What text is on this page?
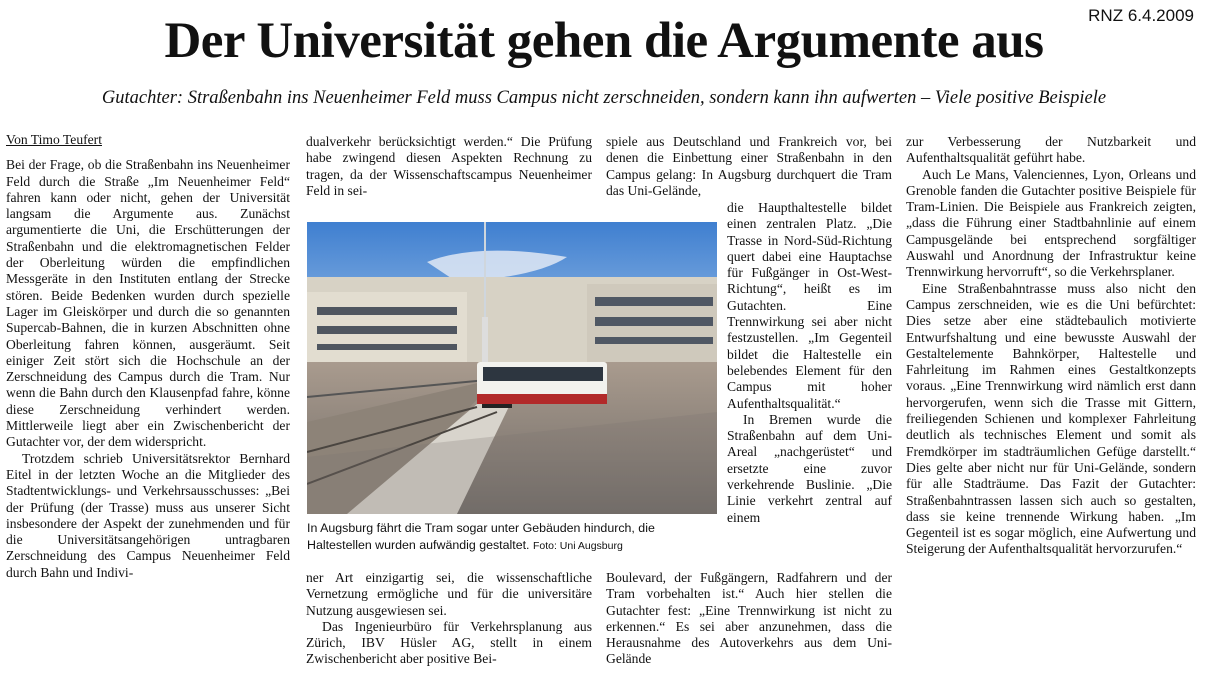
RNZ 6.4.2009
Der Universität gehen die Argumente aus
Gutachter: Straßenbahn ins Neuenheimer Feld muss Campus nicht zerschneiden, sondern kann ihn aufwerten – Viele positive Beispiele

Von Timo Teufert

Bei der Frage, ob die Straßenbahn ins Neuenheimer Feld durch die Straße „Im Neuenheimer Feld“ fahren kann oder nicht, gehen der Universität langsam die Argumente aus. Zunächst argumentierte die Uni, die Erschütterungen der Straßenbahn und die elektromagnetischen Felder der Oberleitung würden die empfindlichen Messgeräte in den Instituten entlang der Strecke stören. Beide Bedenken wurden durch spezielle Lager im Gleiskörper und durch die so genannten Supercab-Bahnen, die in kurzen Abschnitten ohne Oberleitung fahren können, ausgeräumt. Seit einiger Zeit stört sich die Hochschule an der Zerschneidung des Campus durch die Tram. Nur wenn die Bahn durch den Klausenpfad fahre, könne diese Zerschneidung verhindert werden. Mittlerweile liegt aber ein Zwischenbericht der Gutachter vor, der dem widerspricht.

Trotzdem schrieb Universitätsrektor Bernhard Eitel in der letzten Woche an die Mitglieder des Stadtentwicklungs- und Verkehrsausschusses: „Bei der Prüfung (der Trasse) muss aus unserer Sicht insbesondere der Aspekt der zunehmenden und für die Universitätsangehörigen untragbaren Zerschneidung des Campus Neuenheimer Feld durch Bahn und Indivi-

dualverkehr berücksichtigt werden.“ Die Prüfung habe zwingend diesen Aspekten Rechnung zu tragen, da der Wissenschaftscampus Neuenheimer Feld in sei-

In Augsburg fährt die Tram sogar unter Gebäuden hindurch, die Haltestellen wurden aufwändig gestaltet. Foto: Uni Augsburg

ner Art einzigartig sei, die wissenschaftliche Vernetzung ermögliche und für die universitäre Nutzung ausgewiesen sei.

Das Ingenieurbüro für Verkehrsplanung aus Zürich, IBV Hüsler AG, stellt in einem Zwischenbericht aber positive Bei-

spiele aus Deutschland und Frankreich vor, bei denen die Einbettung einer Straßenbahn in den Campus gelang: In Augsburg durchquert die Tram das Uni-Gelände,

die Haupthaltestelle bildet einen zentralen Platz. „Die Trasse in Nord-Süd-Richtung quert dabei eine Hauptachse für Fußgänger in Ost-West-Richtung“, heißt es im Gutachten. Eine Trennwirkung sei aber nicht festzustellen. „Im Gegenteil bildet die Haltestelle ein belebendes Element für den Campus mit hoher Aufenthaltsqualität.“

In Bremen wurde die Straßenbahn auf dem Uni-Areal „nachgerüstet“ und ersetzte eine zuvor verkehrende Buslinie. „Die Linie verkehrt zentral auf einem

Boulevard, der Fußgängern, Radfahrern und der Tram vorbehalten ist.“ Auch hier stellen die Gutachter fest: „Eine Trennwirkung ist nicht zu erkennen.“ Es sei aber anzunehmen, dass die Herausnahme des Autoverkehrs aus dem Uni-Gelände

zur Verbesserung der Nutzbarkeit und Aufenthaltsqualität geführt habe.

Auch Le Mans, Valenciennes, Lyon, Orleans und Grenoble fanden die Gutachter positive Beispiele für Tram-Linien. Die Beispiele aus Frankreich zeigten, „dass die Führung einer Stadtbahnlinie auf einem Campusgelände bei entsprechend sorgfältiger Auswahl und Anordnung der Infrastruktur keine Trennwirkung hervorruft“, so die Verkehrsplaner.

Eine Straßenbahntrasse muss also nicht den Campus zerschneiden, wie es die Uni befürchtet: Dies setze aber eine städtebaulich motivierte Entwurfshaltung und eine bewusste Auswahl der Gestaltelemente Bahnkörper, Haltestelle und Fahrleitung im Rahmen eines Gestaltkonzepts voraus. „Eine Trennwirkung wird nämlich erst dann hervorgerufen, wenn sich die Trasse mit Gittern, freiliegenden Schienen und komplexer Fahrleitung deutlich als technisches Element und somit als Fremdkörper im stadträumlichen Gefüge darstellt.“ Dies gelte aber nicht nur für Uni-Gelände, sondern für alle Stadträume. Das Fazit der Gutachter: Straßenbahntrassen lassen sich auch so gestalten, dass sie keine trennende Wirkung haben. „Im Gegenteil ist es sogar möglich, eine Aufwertung und Steigerung der Aufenthaltsqualität hervorzurufen.“
